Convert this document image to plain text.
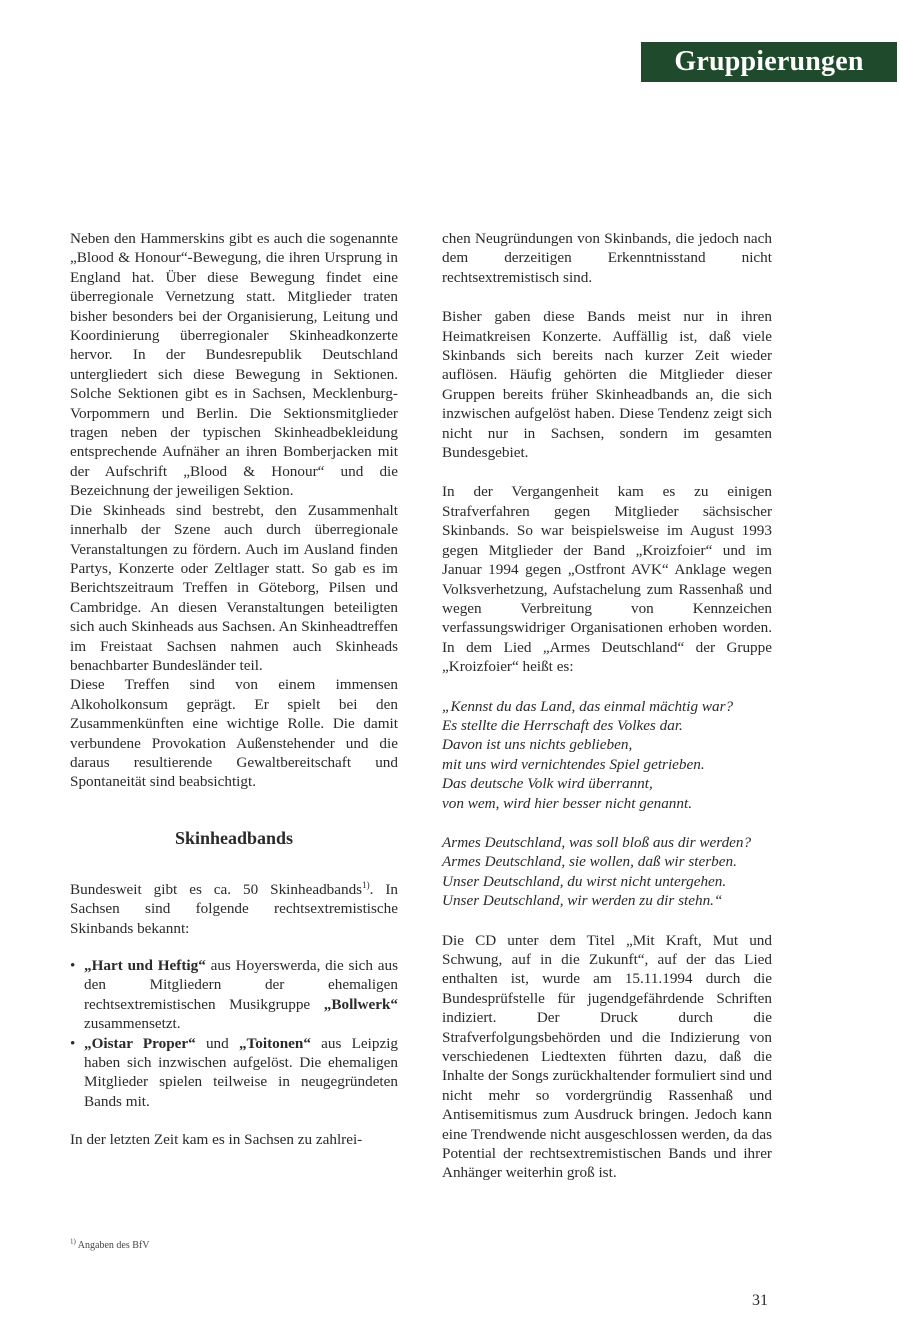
Gruppierungen

Neben den Hammerskins gibt es auch die sogenannte „Blood & Honour“-Bewegung, die ihren Ursprung in England hat. Über diese Bewegung findet eine überregionale Vernetzung statt. Mitglieder traten bisher besonders bei der Organisierung, Leitung und Koordinierung überregionaler Skinheadkonzerte hervor. In der Bundesrepublik Deutschland untergliedert sich diese Bewegung in Sektionen. Solche Sektionen gibt es in Sachsen, Mecklenburg-Vorpommern und Berlin. Die Sektionsmitglieder tragen neben der typischen Skinheadbekleidung entsprechende Aufnäher an ihren Bomberjacken mit der Aufschrift „Blood & Honour“ und die Bezeichnung der jeweiligen Sektion.

Die Skinheads sind bestrebt, den Zusammenhalt innerhalb der Szene auch durch überregionale Veranstaltungen zu fördern. Auch im Ausland finden Partys, Konzerte oder Zeltlager statt. So gab es im Berichtszeitraum Treffen in Göteborg, Pilsen und Cambridge. An diesen Veranstaltungen beteiligten sich auch Skinheads aus Sachsen. An Skinheadtreffen im Freistaat Sachsen nahmen auch Skinheads benachbarter Bundesländer teil.

Diese Treffen sind von einem immensen Alkoholkonsum geprägt. Er spielt bei den Zusammenkünften eine wichtige Rolle. Die damit verbundene Provokation Außenstehender und die daraus resultierende Gewaltbereitschaft und Spontaneität sind beabsichtigt.

Skinheadbands

Bundesweit gibt es ca. 50 Skinheadbands$^{1)}$. In Sachsen sind folgende rechtsextremistische Skinbands bekannt:

• „Hart und Heftig“ aus Hoyerswerda, die sich aus den Mitgliedern der ehemaligen rechtsextremistischen Musikgruppe „Bollwerk“ zusammensetzt.
• „Oistar Proper“ und „Toitonen“ aus Leipzig haben sich inzwischen aufgelöst. Die ehemaligen Mitglieder spielen teilweise in neugegründeten Bands mit.

In der letzten Zeit kam es in Sachsen zu zahlrei-

chen Neugründungen von Skinbands, die jedoch nach dem derzeitigen Erkenntnisstand nicht rechtsextremistisch sind.

Bisher gaben diese Bands meist nur in ihren Heimatkreisen Konzerte. Auffällig ist, daß viele Skinbands sich bereits nach kurzer Zeit wieder auflösen. Häufig gehörten die Mitglieder dieser Gruppen bereits früher Skinheadbands an, die sich inzwischen aufgelöst haben. Diese Tendenz zeigt sich nicht nur in Sachsen, sondern im gesamten Bundesgebiet.

In der Vergangenheit kam es zu einigen Strafverfahren gegen Mitglieder sächsischer Skinbands. So war beispielsweise im August 1993 gegen Mitglieder der Band „Kroizfoier“ und im Januar 1994 gegen „Ostfront AVK“ Anklage wegen Volksverhetzung, Aufstachelung zum Rassenhaß und wegen Verbreitung von Kennzeichen verfassungswidriger Organisationen erhoben worden. In dem Lied „Armes Deutschland“ der Gruppe „Kroizfoier“ heißt es:

„Kennst du das Land, das einmal mächtig war?

Es stellte die Herrschaft des Volkes dar.

Davon ist uns nichts geblieben,

mit uns wird vernichtendes Spiel getrieben.

Das deutsche Volk wird überrannt,

von wem, wird hier besser nicht genannt.

Armes Deutschland, was soll bloß aus dir werden?

Armes Deutschland, sie wollen, daß wir sterben.

Unser Deutschland, du wirst nicht untergehen.

Unser Deutschland, wir werden zu dir stehn.“

Die CD unter dem Titel „Mit Kraft, Mut und Schwung, auf in die Zukunft“, auf der das Lied enthalten ist, wurde am 15.11.1994 durch die Bundesprüfstelle für jugendgefährdende Schriften indiziert. Der Druck durch die Strafverfolgungsbehörden und die Indizierung von verschiedenen Liedtexten führten dazu, daß die Inhalte der Songs zurückhaltender formuliert sind und nicht mehr so vordergründig Rassenhaß und Antisemitismus zum Ausdruck bringen. Jedoch kann eine Trendwende nicht ausgeschlossen werden, da das Potential der rechtsextremistischen Bands und ihrer Anhänger weiterhin groß ist.

$^{1)}$ Angaben des BfV
31
